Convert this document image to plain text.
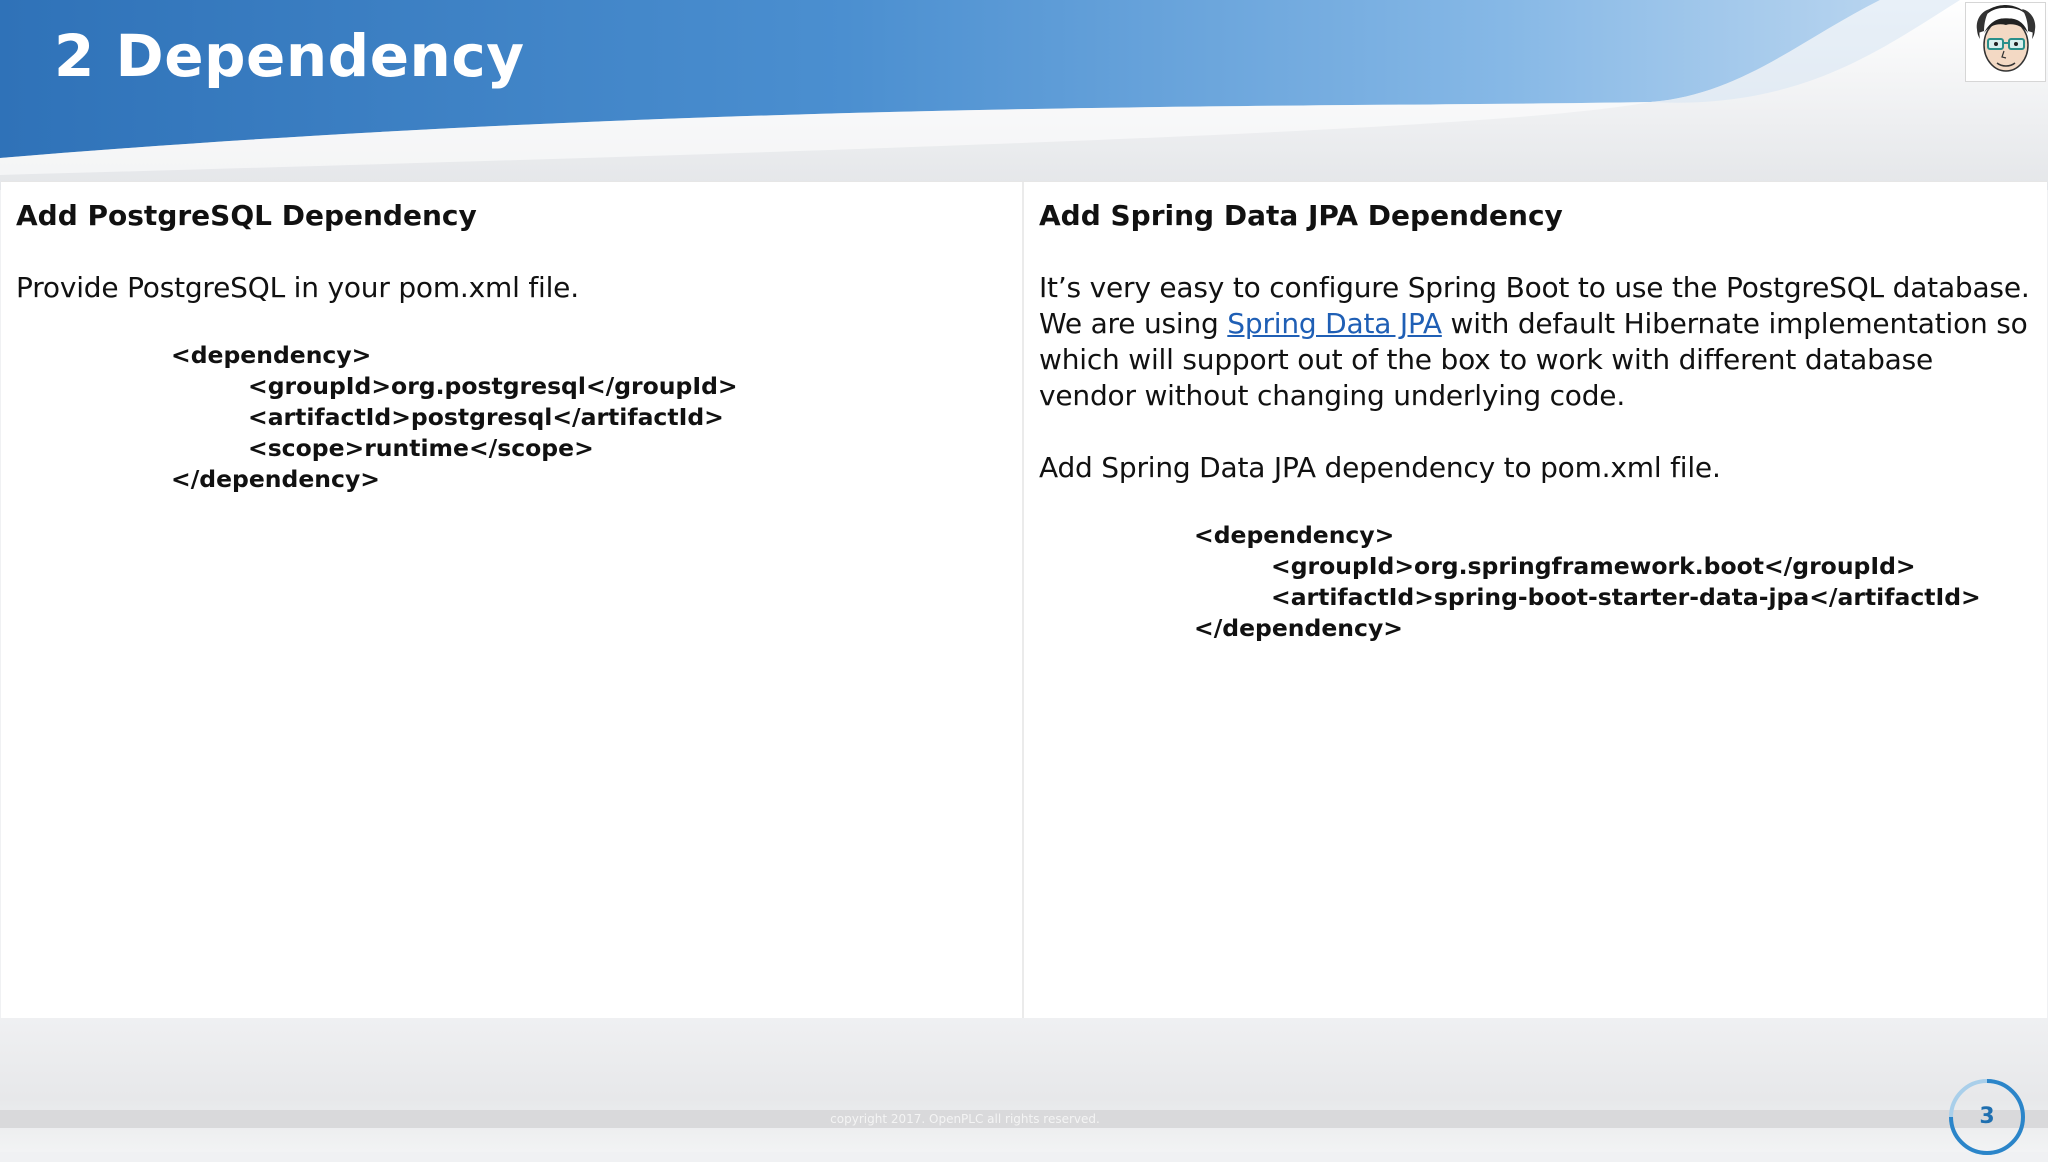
2 Dependency
Add PostgreSQL Dependency

Provide PostgreSQL in your pom.xml file.

<dependency>
<groupId>org.postgresql</groupId>
<artifactId>postgresql</artifactId>
<scope>runtime</scope>
</dependency>
Add Spring Data JPA Dependency

It’s very easy to configure Spring Boot to use the PostgreSQL database.
We are using Spring Data JPA with default Hibernate implementation so which will support out of the box to work with different database vendor without changing underlying code.

Add Spring Data JPA dependency to pom.xml file.

<dependency>
<groupId>org.springframework.boot</groupId>
<artifactId>spring-boot-starter-data-jpa</artifactId>
</dependency>
copyright 2017. OpenPLC all rights reserved.	3
